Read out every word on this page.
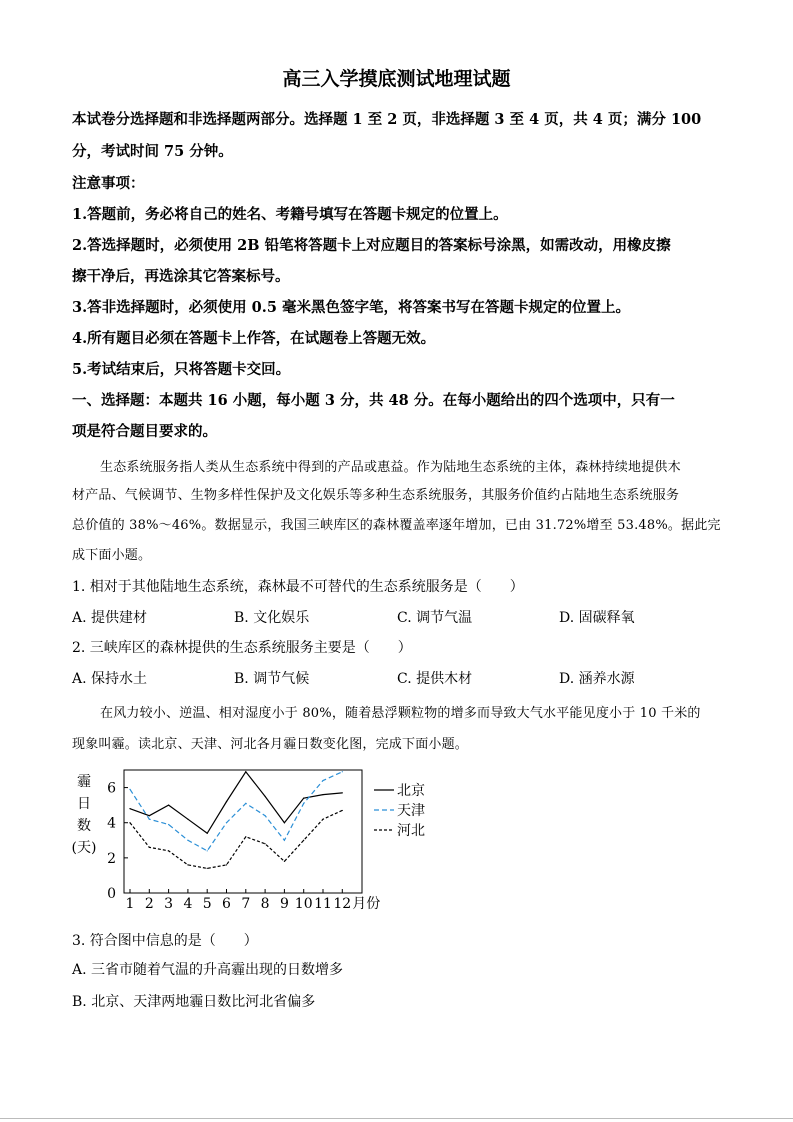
高三入学摸底测试地理试题
本试卷分选择题和非选择题两部分。选择题 1 至 2 页，非选择题 3 至 4 页，共 4 页；满分 100
分，考试时间 75 分钟。
注意事项：
1.答题前，务必将自己的姓名、考籍号填写在答题卡规定的位置上。
2.答选择题时，必须使用 2B 铅笔将答题卡上对应题目的答案标号涂黑，如需改动，用橡皮擦
擦干净后，再选涂其它答案标号。
3.答非选择题时，必须使用 0.5 毫米黑色签字笔，将答案书写在答题卡规定的位置上。
4.所有题目必须在答题卡上作答，在试题卷上答题无效。
5.考试结束后，只将答题卡交回。
一、选择题：本题共 16 小题，每小题 3 分，共 48 分。在每小题给出的四个选项中，只有一
项是符合题目要求的。
生态系统服务指人类从生态系统中得到的产品或惠益。作为陆地生态系统的主体，森林持续地提供木
材产品、气候调节、生物多样性保护及文化娱乐等多种生态系统服务，其服务价值约占陆地生态系统服务
总价值的 38%～46%。数据显示，我国三峡库区的森林覆盖率逐年增加，已由 31.72%增至 53.48%。据此完
成下面小题。
1. 相对于其他陆地生态系统，森林最不可替代的生态系统服务是（　　）
A. 提供建材	B. 文化娱乐	C. 调节气温	D. 固碳释氧
2. 三峡库区的森林提供的生态系统服务主要是（　　）
A. 保持水土	B. 调节气候	C. 提供木材	D. 涵养水源
在风力较小、逆温、相对湿度小于 80%，随着悬浮颗粒物的增多而导致大气水平能见度小于 10 千米的
现象叫霾。读北京、天津、河北各月霾日数变化图，完成下面小题。
霾
日
数
(天)
0
2
4
6
1 2 3 4 5 6 7 8 9 10 11 12 月份
北京
天津
河北
3. 符合图中信息的是（　　）
A. 三省市随着气温的升高霾出现的日数增多
B. 北京、天津两地霾日数比河北省偏多
